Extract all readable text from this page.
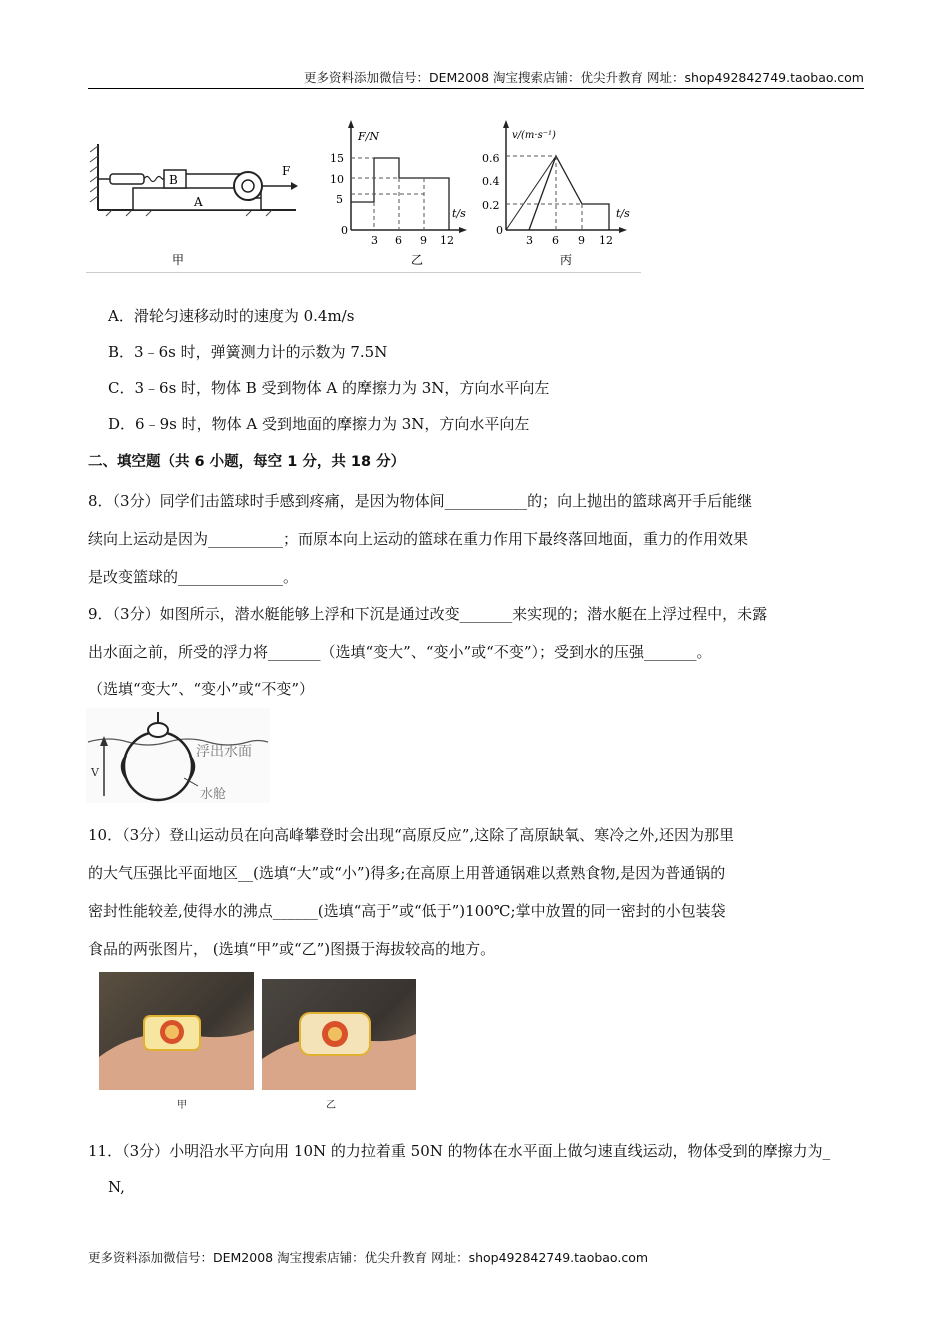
更多资料添加微信号：DEM2008 淘宝搜索店铺：优尖升教育 网址：shop492842749.taobao.com
A
B
F
甲
F/N
t/s
15
10
5
0
3 6 9 12
乙
v/(m·s⁻¹)
t/s
0.6
0.4
0.2
0
3 6 9 12
丙
A．滑轮匀速移动时的速度为 0.4m/s
B．3﹣6s 时，弹簧测力计的示数为 7.5N
C．3﹣6s 时，物体 B 受到物体 A 的摩擦力为 3N，方向水平向左
D．6﹣9s 时，物体 A 受到地面的摩擦力为 3N，方向水平向左
二、填空题（共 6 小题，每空 1 分，共 18 分）
8．（3分）同学们击篮球时手感到疼痛，是因为物体间___________的；向上抛出的篮球离开手后能继
续向上运动是因为__________；而原本向上运动的篮球在重力作用下最终落回地面，重力的作用效果
是改变篮球的______________。
9．（3分）如图所示，潜水艇能够上浮和下沉是通过改变_______来实现的；潜水艇在上浮过程中，未露
出水面之前，所受的浮力将_______（选填“变大”、“变小”或“不变”）；受到水的压强_______。
（选填“变大”、“变小”或“不变”）
V
浮出水面
水舱
10．（3分）登山运动员在向高峰攀登时会出现“高原反应”,这除了高原缺氧、寒冷之外,还因为那里
的大气压强比平面地区__(选填“大”或“小”)得多;在高原上用普通锅难以煮熟食物,是因为普通锅的
密封性能较差,使得水的沸点______(选填“高于”或“低于”)100℃;掌中放置的同一密封的小包装袋
食品的两张图片， (选填“甲”或“乙”)图摄于海拔较高的地方。
甲	乙
11．（3分）小明沿水平方向用 10N 的力拉着重 50N 的物体在水平面上做匀速直线运动，物体受到的摩擦力为_
N,
更多资料添加微信号：DEM2008 淘宝搜索店铺：优尖升教育 网址：shop492842749.taobao.com
